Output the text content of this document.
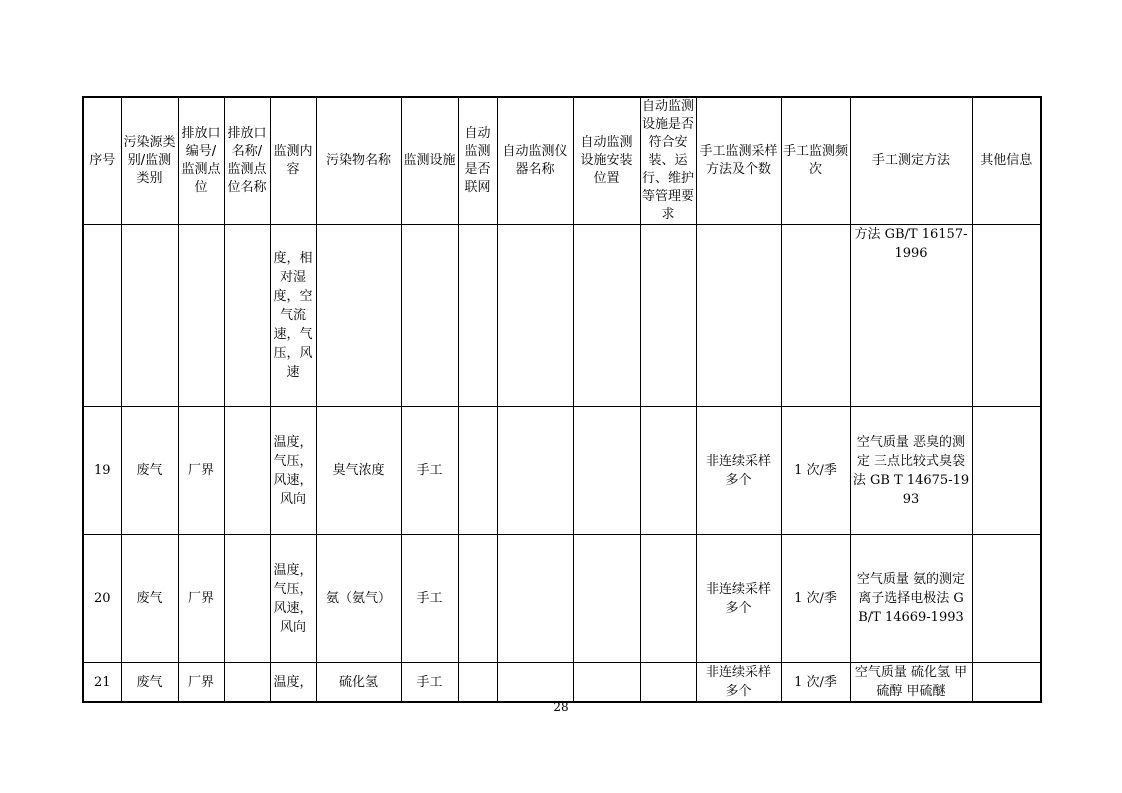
序号	污染源类别/监测类别	排放口编号/监测点位	排放口名称/监测点位名称	监测内容	污染物名称	监测设施	自动监测是否联网	自动监测仪器名称	自动监测设施安装位置	自动监测设施是否符合安装、运行、维护等管理要求	手工监测采样方法及个数	手工监测频次	手工测定方法	其他信息
				度，相对湿度，空气流速，气压，风速									方法 GB/T 16157-1996	
19	废气	厂界		温度，气压，风速，风向	臭气浓度	手工					非连续采样 多个	1 次/季	空气质量 恶臭的测定 三点比较式臭袋法 GB T 14675-1993	
20	废气	厂界		温度，气压，风速，风向	氨（氨气）	手工					非连续采样 多个	1 次/季	空气质量 氨的测定 离子选择电极法 GB/T 14669-1993	
21	废气	厂界		温度，	硫化氢	手工					非连续采样 多个	1 次/季	空气质量 硫化氢 甲硫醇 甲硫醚	
28
